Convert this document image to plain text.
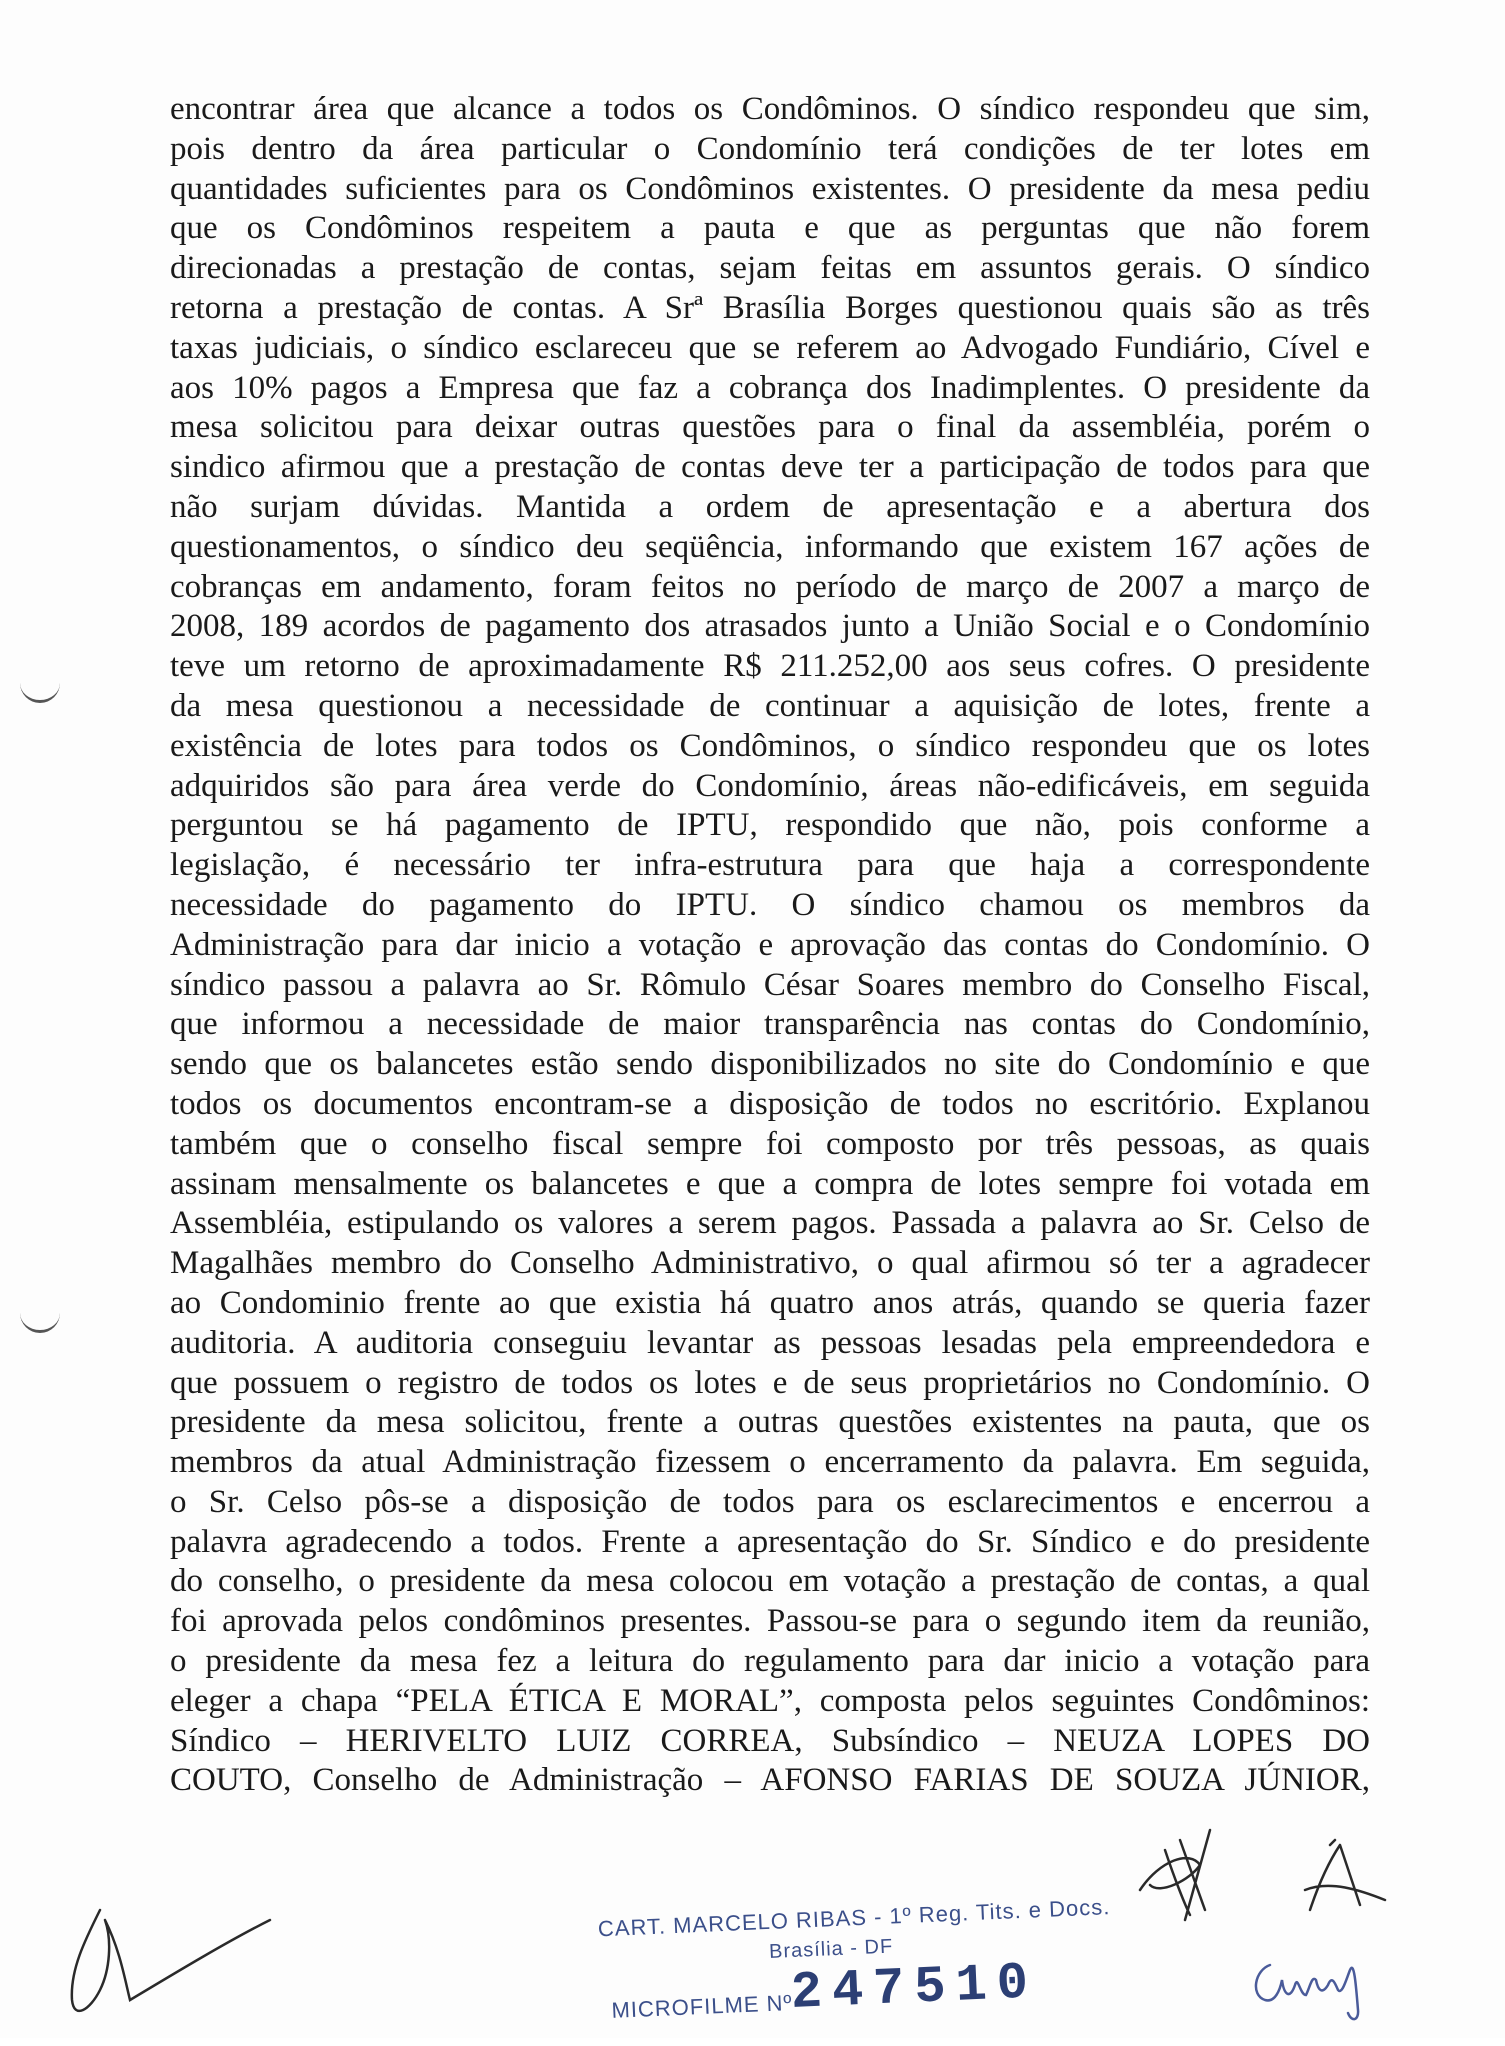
encontrar área que alcance a todos os Condôminos. O síndico respondeu que sim,
pois dentro da área particular o Condomínio terá condições de ter lotes em
quantidades suficientes para os Condôminos existentes. O presidente da mesa pediu
que os Condôminos respeitem a pauta e que as perguntas que não forem
direcionadas a prestação de contas, sejam feitas em assuntos gerais. O síndico
retorna a prestação de contas. A Srª Brasília Borges questionou quais são as três
taxas judiciais, o síndico esclareceu que se referem ao Advogado Fundiário, Cível e
aos 10% pagos a Empresa que faz a cobrança dos Inadimplentes. O presidente da
mesa solicitou para deixar outras questões para o final da assembléia, porém o
sindico afirmou que a prestação de contas deve ter a participação de todos para que
não surjam dúvidas. Mantida a ordem de apresentação e a abertura dos
questionamentos, o síndico deu seqüência, informando que existem 167 ações de
cobranças em andamento, foram feitos no período de março de 2007 a março de
2008, 189 acordos de pagamento dos atrasados junto a União Social e o Condomínio
teve um retorno de aproximadamente R$ 211.252,00 aos seus cofres. O presidente
da mesa questionou a necessidade de continuar a aquisição de lotes, frente a
existência de lotes para todos os Condôminos, o síndico respondeu que os lotes
adquiridos são para área verde do Condomínio, áreas não-edificáveis, em seguida
perguntou se há pagamento de IPTU, respondido que não, pois conforme a
legislação, é necessário ter infra-estrutura para que haja a correspondente
necessidade do pagamento do IPTU. O síndico chamou os membros da
Administração para dar inicio a votação e aprovação das contas do Condomínio. O
síndico passou a palavra ao Sr. Rômulo César Soares membro do Conselho Fiscal,
que informou a necessidade de maior transparência nas contas do Condomínio,
sendo que os balancetes estão sendo disponibilizados no site do Condomínio e que
todos os documentos encontram-se a disposição de todos no escritório. Explanou
também que o conselho fiscal sempre foi composto por três pessoas, as quais
assinam mensalmente os balancetes e que a compra de lotes sempre foi votada em
Assembléia, estipulando os valores a serem pagos. Passada a palavra ao Sr. Celso de
Magalhães membro do Conselho Administrativo, o qual afirmou só ter a agradecer
ao Condominio frente ao que existia há quatro anos atrás, quando se queria fazer
auditoria. A auditoria conseguiu levantar as pessoas lesadas pela empreendedora e
que possuem o registro de todos os lotes e de seus proprietários no Condomínio. O
presidente da mesa solicitou, frente a outras questões existentes na pauta, que os
membros da atual Administração fizessem o encerramento da palavra. Em seguida,
o Sr. Celso pôs-se a disposição de todos para os esclarecimentos e encerrou a
palavra agradecendo a todos. Frente a apresentação do Sr. Síndico e do presidente
do conselho, o presidente da mesa colocou em votação a prestação de contas, a qual
foi aprovada pelos condôminos presentes. Passou-se para o segundo item da reunião,
o presidente da mesa fez a leitura do regulamento para dar inicio a votação para
eleger a chapa “PELA ÉTICA E MORAL”, composta pelos seguintes Condôminos:
Síndico – HERIVELTO LUIZ CORREA, Subsíndico – NEUZA LOPES DO
COUTO, Conselho de Administração – AFONSO FARIAS DE SOUZA JÚNIOR,
CART. MARCELO RIBAS - 1º Reg. Tits. e Docs.
Brasília - DF
MICROFILME Nº
247510
